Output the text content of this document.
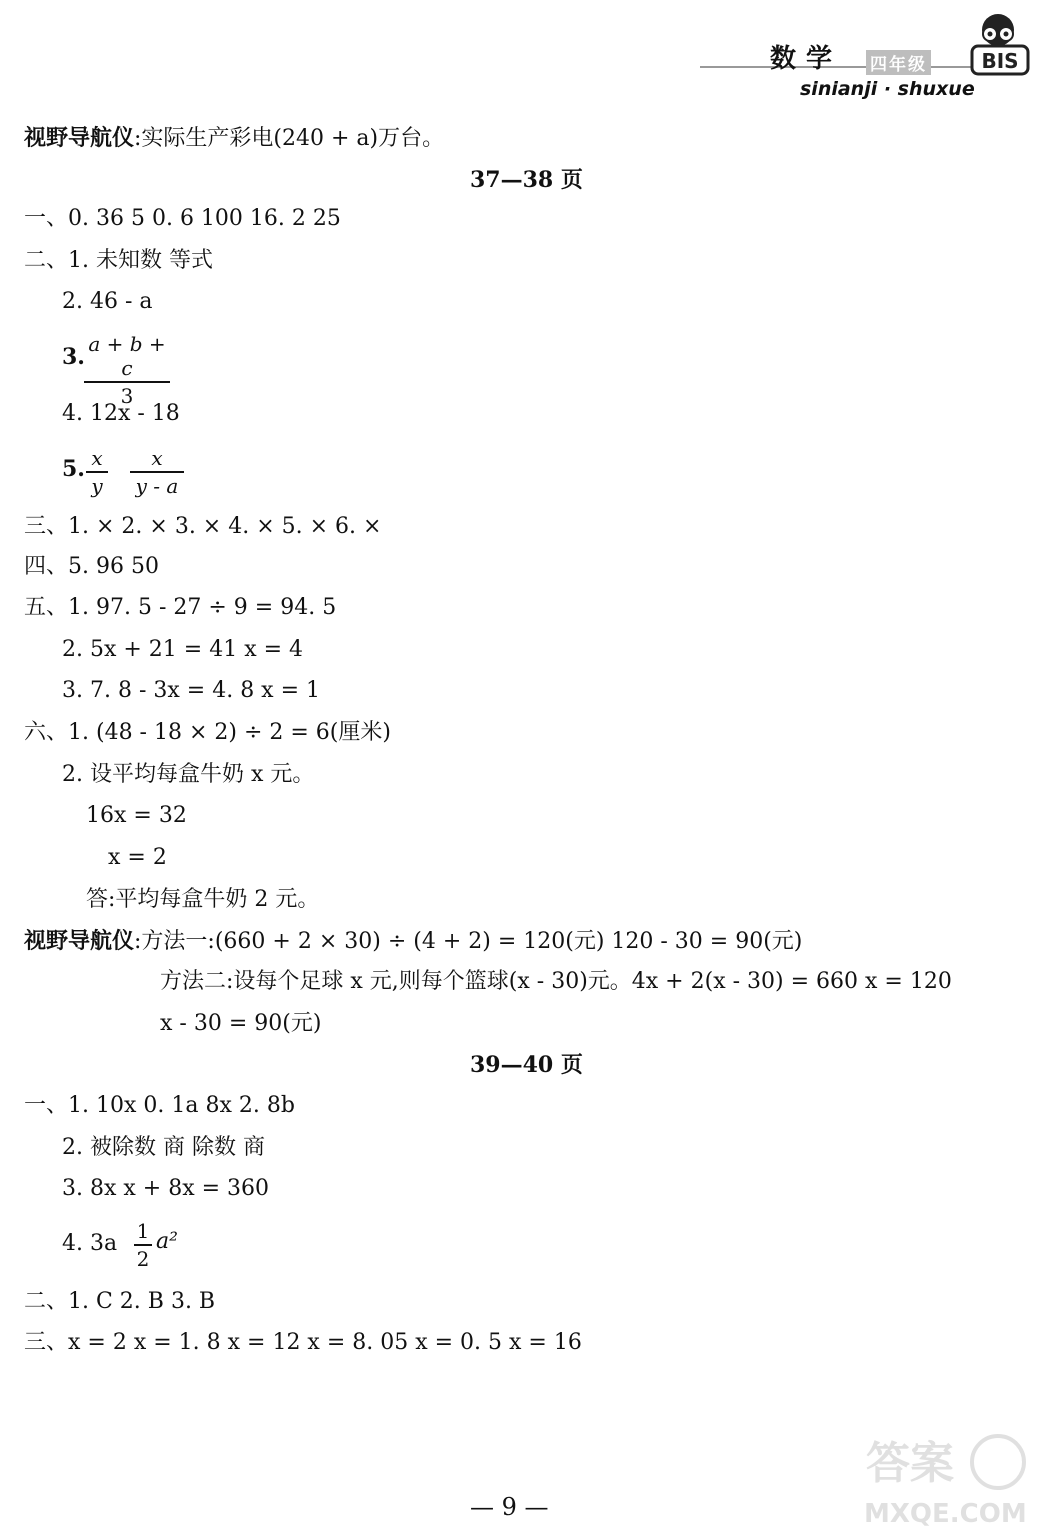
数学 四年级
sinianji · shuxue
BIS
视野导航仪:实际生产彩电(240 + a)万台。
37—38 页
一、0. 36 5 0. 6 100 16. 2 25
二、1. 未知数 等式
2. 46 - a
3. a + b + c
3
4. 12x - 18
5. x
y
x
y - a
三、1. × 2. × 3. × 4. × 5. × 6. ×
四、5. 96 50
五、1. 97. 5 - 27 ÷ 9 = 94. 5
2. 5x + 21 = 41 x = 4
3. 7. 8 - 3x = 4. 8 x = 1
六、1. (48 - 18 × 2) ÷ 2 = 6(厘米)
2. 设平均每盒牛奶 x 元。
16x = 32
x = 2
答:平均每盒牛奶 2 元。
视野导航仪:方法一:(660 + 2 × 30) ÷ (4 + 2) = 120(元) 120 - 30 = 90(元)
方法二:设每个足球 x 元,则每个篮球(x - 30)元。4x + 2(x - 30) = 660 x = 120
x - 30 = 90(元)
39—40 页
一、1. 10x 0. 1a 8x 2. 8b
2. 被除数 商 除数 商
3. 8x x + 8x = 360
4. 3a 1
2
a²
二、1. C 2. B 3. B
三、x = 2 x = 1. 8 x = 12 x = 8. 05 x = 0. 5 x = 16
— 9 —
答案
MXQE.COM
